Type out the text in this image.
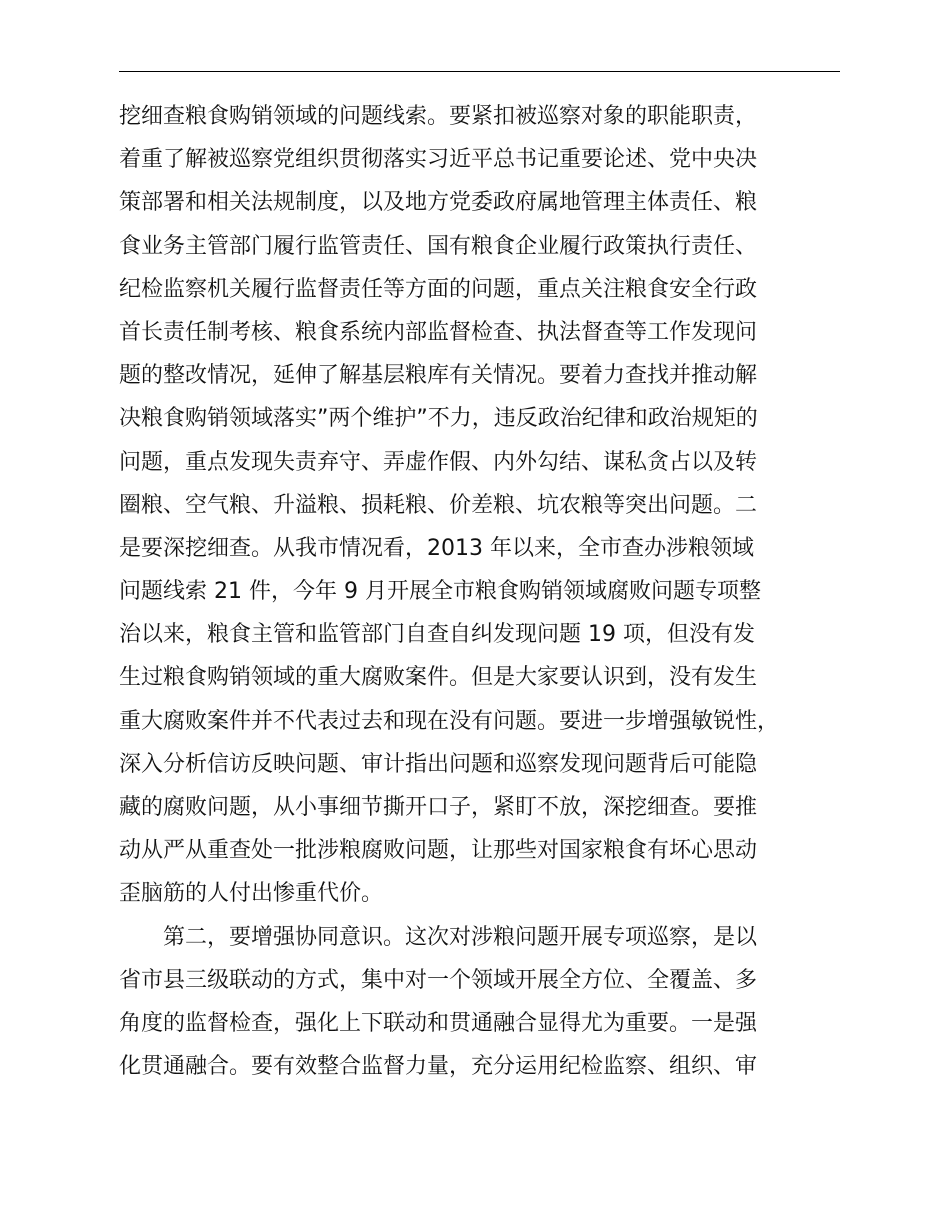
挖细查粮食购销领域的问题线索。要紧扣被巡察对象的职能职责，
着重了解被巡察党组织贯彻落实习近平总书记重要论述、党中央决
策部署和相关法规制度，以及地方党委政府属地管理主体责任、粮
食业务主管部门履行监管责任、国有粮食企业履行政策执行责任、
纪检监察机关履行监督责任等方面的问题，重点关注粮食安全行政
首长责任制考核、粮食系统内部监督检查、执法督查等工作发现问
题的整改情况，延伸了解基层粮库有关情况。要着力查找并推动解
决粮食购销领域落实”两个维护”不力，违反政治纪律和政治规矩的
问题，重点发现失责弃守、弄虚作假、内外勾结、谋私贪占以及转
圈粮、空气粮、升溢粮、损耗粮、价差粮、坑农粮等突出问题。二
是要深挖细查。从我市情况看，2013 年以来，全市查办涉粮领域
问题线索 21 件，今年 9 月开展全市粮食购销领域腐败问题专项整
治以来，粮食主管和监管部门自查自纠发现问题 19 项，但没有发
生过粮食购销领域的重大腐败案件。但是大家要认识到，没有发生
重大腐败案件并不代表过去和现在没有问题。要进一步增强敏锐性，
深入分析信访反映问题、审计指出问题和巡察发现问题背后可能隐
藏的腐败问题，从小事细节撕开口子，紧盯不放，深挖细查。要推
动从严从重查处一批涉粮腐败问题，让那些对国家粮食有坏心思动
歪脑筋的人付出惨重代价。
第二，要增强协同意识。这次对涉粮问题开展专项巡察，是以
省市县三级联动的方式，集中对一个领域开展全方位、全覆盖、多
角度的监督检查，强化上下联动和贯通融合显得尤为重要。一是强
化贯通融合。要有效整合监督力量，充分运用纪检监察、组织、审
